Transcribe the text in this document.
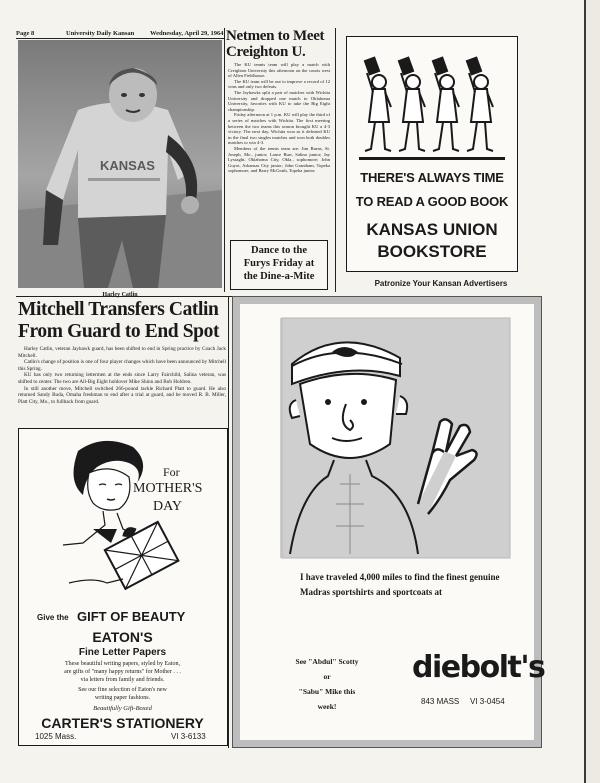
Page 8	University Daily Kansan Wednesday, April 29, 1964
KANSAS
Harley Catlin
Netmen to Meet
Creighton U.

The KU tennis team will play a match with Creighton University this afternoon on the courts west of Allen Fieldhouse.

The KU team will be out to improve a record of 12 wins and only two defeats.

The Jayhawks split a pair of matches with Wichita University and dropped one match to Oklahoma University, favorites with KU to take the Big Eight championship.

Friday afternoon at 1 p.m. KU will play the third of a series of matches with Wichita. The first meeting between the two teams this season brought KU a 4-3 victory. The next day, Wichita won as it defeated KU in the final two singles matches and won both doubles matches to win 4-3.

Members of the tennis team are: Jim Burns, St. Joseph, Mo., junior; Lance Burr, Salina junior; Jay Lyssaght, Oklahoma City, Okla., sophomore; John Guyot, Arkansas City junior; John Grantham, Topeka sophomore, and Barry McGrath, Topeka junior.

Dance to the
Furys Friday at
the Dine-a-Mite
THERE'S ALWAYS TIME
TO READ A GOOD BOOK
KANSAS UNION
BOOKSTORE
Patronize Your Kansan Advertisers
Mitchell Transfers Catlin
From Guard to End Spot

Harley Catlin, veteran Jayhawk guard, has been shifted to end in Spring practice by Coach Jack Mitchell.

Catlin's change of position is one of four player changes which have been announced by Mitchell this Spring.

KU has only two returning lettermen at the ends since Larry Fairchild, Salina veteran, was shifted to center. The two are All-Big Eight holdover Mike Shinn and Bob Holdren.

In still another move, Mitchell switched 266-pound tackle Richard Platt to guard. He also returned Sandy Buda, Omaha freshman to end after a trial at guard, and he moved R. B. Miller, Platt City, Mo., to fullback from guard.

For
MOTHER'S
DAY
Give the GIFT OF BEAUTY
EATON'S
Fine Letter Papers
These beautiful writing papers, styled by Eaton,
are gifts of "many happy returns" for Mother . . .
via letters from family and friends.
See our fine selection of Eaton's new
writing paper fashions.
Beautifully Gift-Boxed
CARTER'S STATIONERY
1025 Mass.	VI 3-6133
I have traveled 4,000 miles to find the finest genuine Madras sportshirts and sportcoats at
See "Abdul" Scotty
or
"Sabu" Mike this
week!
diebolt's
843 MASS VI 3-0454
